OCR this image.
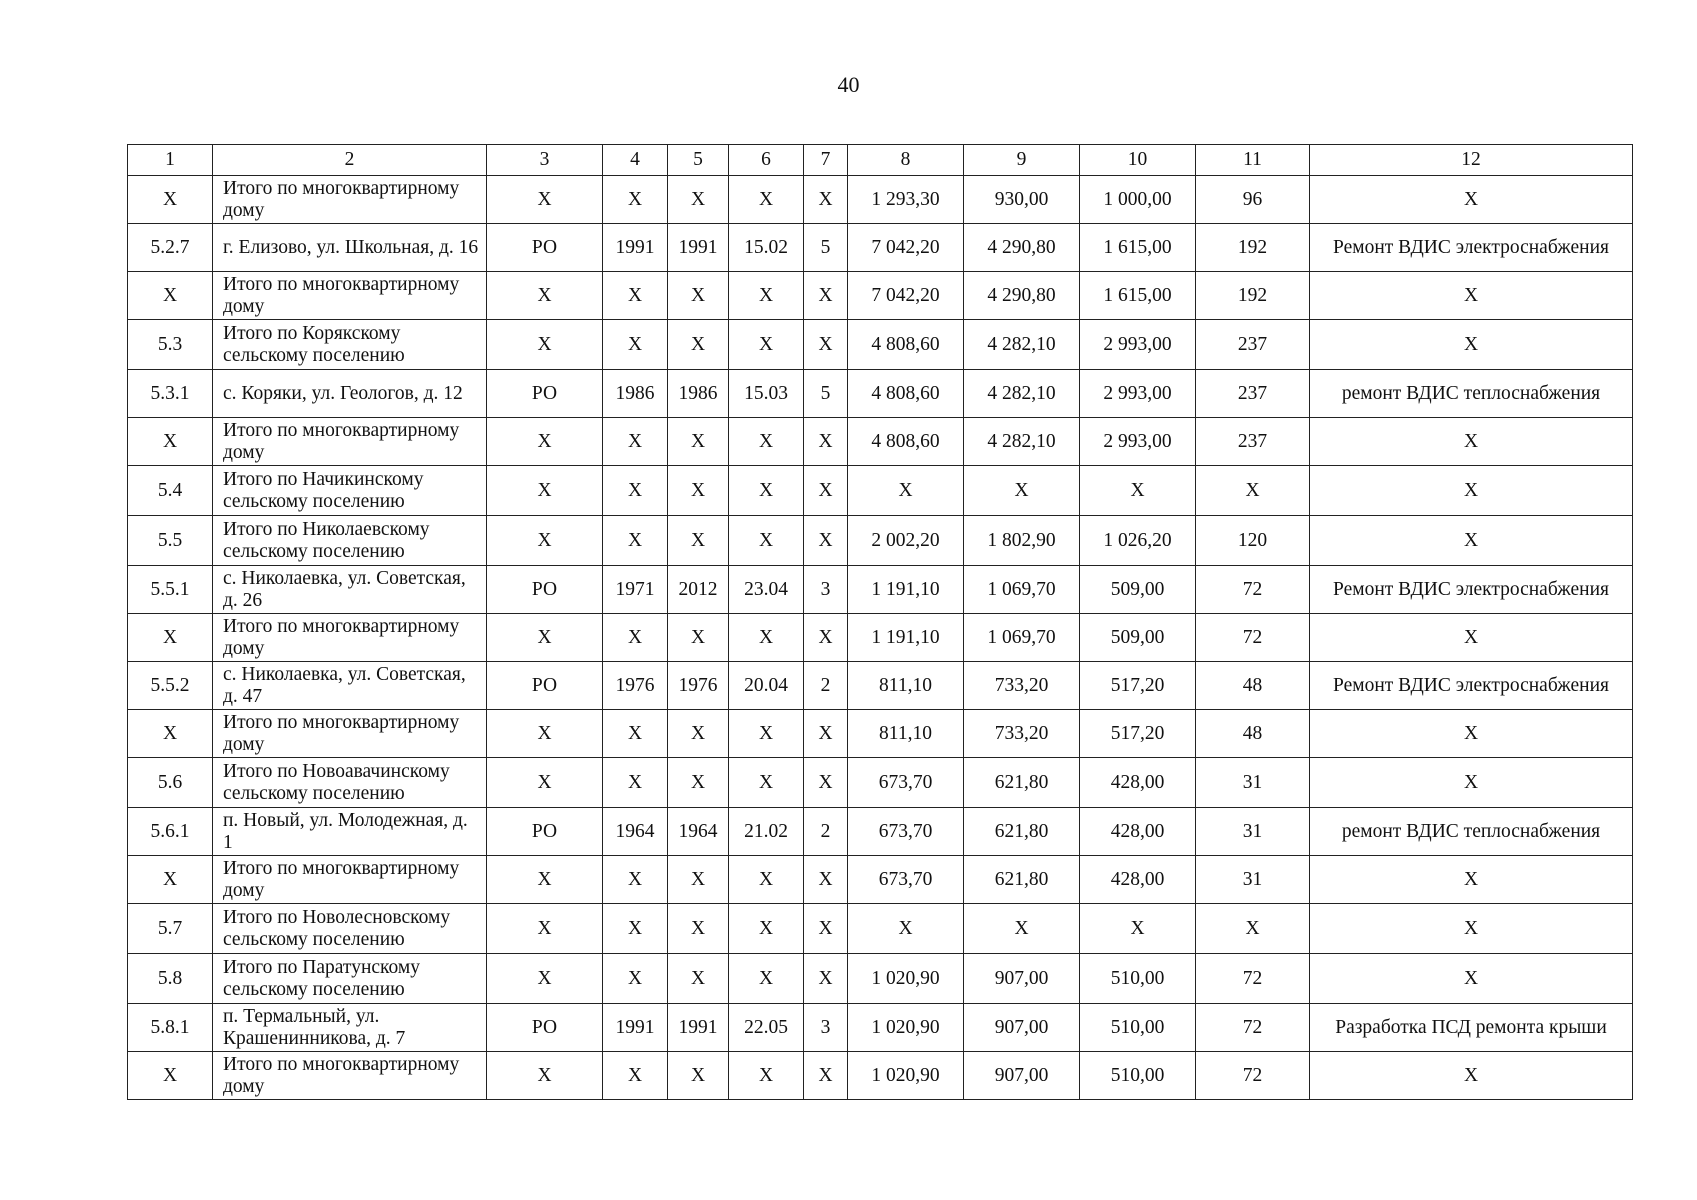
40
1	2	3	4	5	6	7	8	9	10	11	12
Х	Итого по многоквартирному дому	Х	Х	Х	Х	Х	1 293,30	930,00	1 000,00	96	Х
5.2.7	г. Елизово, ул. Школьная, д. 16	РО	1991	1991	15.02	5	7 042,20	4 290,80	1 615,00	192	Ремонт ВДИС электроснабжения
Х	Итого по многоквартирному дому	Х	Х	Х	Х	Х	7 042,20	4 290,80	1 615,00	192	Х
5.3	Итого по Корякскому сельскому поселению	Х	Х	Х	Х	Х	4 808,60	4 282,10	2 993,00	237	Х
5.3.1	с. Коряки, ул. Геологов, д. 12	РО	1986	1986	15.03	5	4 808,60	4 282,10	2 993,00	237	ремонт ВДИС теплоснабжения
Х	Итого по многоквартирному дому	Х	Х	Х	Х	Х	4 808,60	4 282,10	2 993,00	237	Х
5.4	Итого по Начикинскому сельскому поселению	Х	Х	Х	Х	Х	Х	Х	Х	Х	Х
5.5	Итого по Николаевскому сельскому поселению	Х	Х	Х	Х	Х	2 002,20	1 802,90	1 026,20	120	Х
5.5.1	с. Николаевка, ул. Советская, д. 26	РО	1971	2012	23.04	3	1 191,10	1 069,70	509,00	72	Ремонт ВДИС электроснабжения
Х	Итого по многоквартирному дому	Х	Х	Х	Х	Х	1 191,10	1 069,70	509,00	72	Х
5.5.2	с. Николаевка, ул. Советская, д. 47	РО	1976	1976	20.04	2	811,10	733,20	517,20	48	Ремонт ВДИС электроснабжения
Х	Итого по многоквартирному дому	Х	Х	Х	Х	Х	811,10	733,20	517,20	48	Х
5.6	Итого по Новоавачинскому сельскому поселению	Х	Х	Х	Х	Х	673,70	621,80	428,00	31	Х
5.6.1	п. Новый, ул. Молодежная, д. 1	РО	1964	1964	21.02	2	673,70	621,80	428,00	31	ремонт ВДИС теплоснабжения
Х	Итого по многоквартирному дому	Х	Х	Х	Х	Х	673,70	621,80	428,00	31	Х
5.7	Итого по Новолесновскому сельскому поселению	Х	Х	Х	Х	Х	Х	Х	Х	Х	Х
5.8	Итого по Паратунскому сельскому поселению	Х	Х	Х	Х	Х	1 020,90	907,00	510,00	72	Х
5.8.1	п. Термальный, ул. Крашенинникова, д. 7	РО	1991	1991	22.05	3	1 020,90	907,00	510,00	72	Разработка ПСД ремонта крыши
Х	Итого по многоквартирному дому	Х	Х	Х	Х	Х	1 020,90	907,00	510,00	72	Х
